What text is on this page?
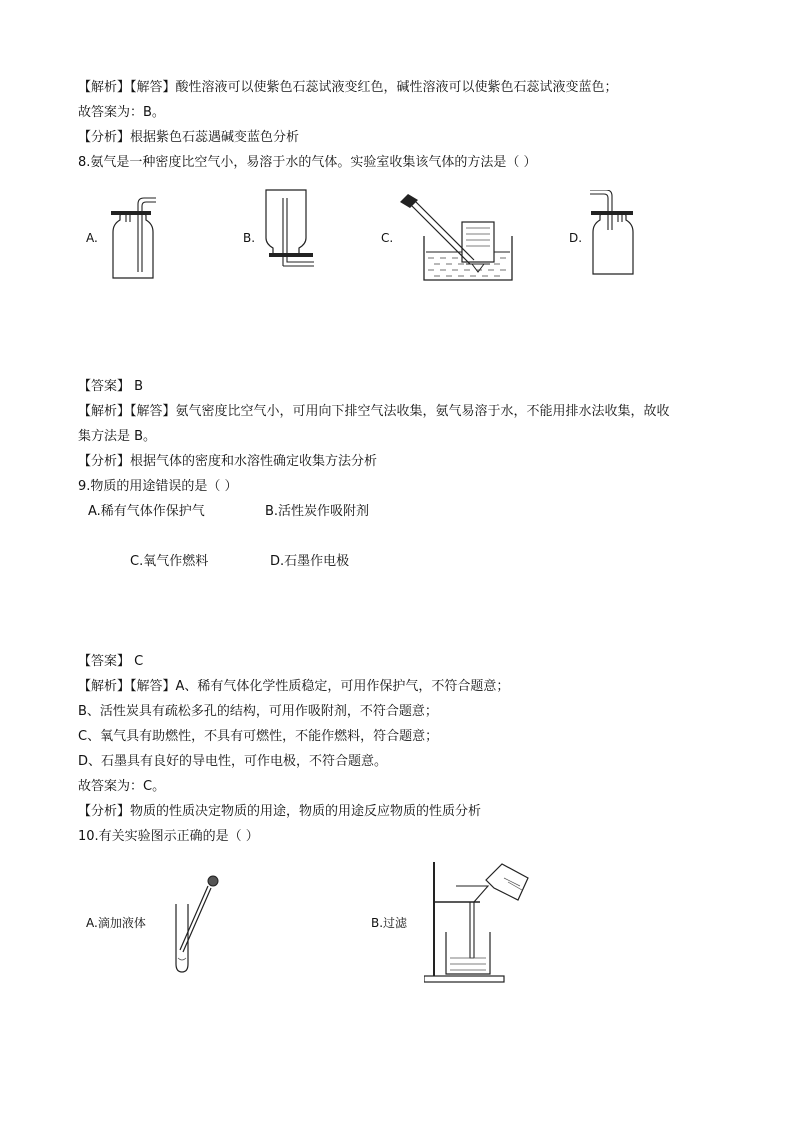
【解析】【解答】酸性溶液可以使紫色石蕊试液变红色，碱性溶液可以使紫色石蕊试液变蓝色；
故答案为：B。
【分析】根据紫色石蕊遇碱变蓝色分析
8.氨气是一种密度比空气小，易溶于水的气体。实验室收集该气体的方法是（ ）
A.	B.	C.	D.
【答案】 B
【解析】【解答】氨气密度比空气小，可用向下排空气法收集，氨气易溶于水，不能用排水法收集，故收
集方法是 B。
【分析】根据气体的密度和水溶性确定收集方法分析
9.物质的用途错误的是（ ）
A.稀有气体作保护气	B.活性炭作吸附剂
C.氧气作燃料	D.石墨作电极
【答案】 C
【解析】【解答】A、稀有气体化学性质稳定，可用作保护气，不符合题意；
B、活性炭具有疏松多孔的结构，可用作吸附剂，不符合题意；
C、氧气具有助燃性，不具有可燃性，不能作燃料，符合题意；
D、石墨具有良好的导电性，可作电极，不符合题意。
故答案为：C。
【分析】物质的性质决定物质的用途，物质的用途反应物质的性质分析
10.有关实验图示正确的是（ ）
A.滴加液体	B.过滤
